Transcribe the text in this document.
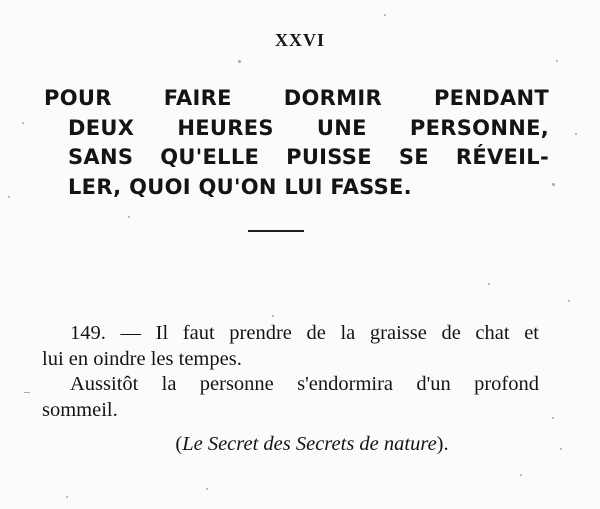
XXVI
POUR FAIRE DORMIR PENDANT
DEUX HEURES UNE PERSONNE,
SANS QU'ELLE PUISSE SE RÉVEIL-
LER, QUOI QU'ON LUI FASSE.
149. — Il faut prendre de la graisse de chat et
lui en oindre les tempes.
Aussitôt la personne s'endormira d'un profond
sommeil.
(Le Secret des Secrets de nature).
